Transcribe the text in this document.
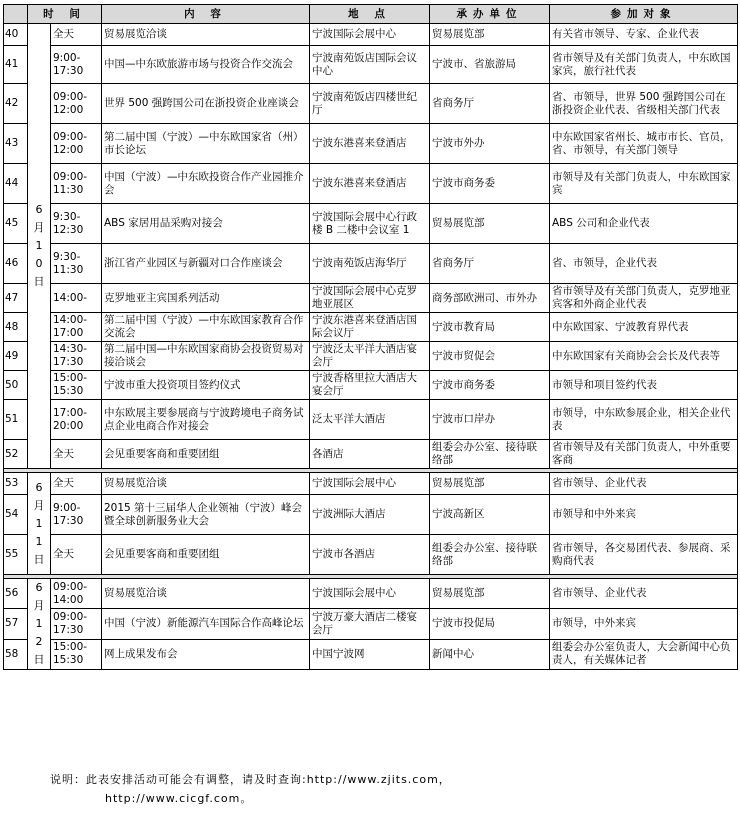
	时 间		内 容	地 点	承办单位	参加对象
40	6月10日	全天	贸易展览洽谈	宁波国际会展中心	贸易展览部	有关省市领导、专家、企业代表
41		9:00-17:30	中国—中东欧旅游市场与投资合作交流会	宁波南苑饭店国际会议中心	宁波市、省旅游局	省市领导及有关部门负责人，中东欧国家宾，旅行社代表
42		09:00-12:00	世界 500 强跨国公司在浙投资企业座谈会	宁波南苑饭店四楼世纪厅	省商务厅	省、市领导，世界 500 强跨国公司在浙投资企业代表、省级相关部门代表
43		09:00-12:00	第二届中国（宁波）—中东欧国家省（州）市长论坛	宁波东港喜来登酒店	宁波市外办	中东欧国家省州长、城市市长、官员，省、市领导，有关部门领导
44		09:00-11:30	中国（宁波）—中东欧投资合作产业园推介会	宁波东港喜来登酒店	宁波市商务委	市领导及有关部门负责人，中东欧国家宾
45		9:30-12:30	ABS 家居用品采购对接会	宁波国际会展中心行政楼 B 二楼中会议室 1	贸易展览部	ABS 公司和企业代表
46		9:30-11:30	浙江省产业园区与新疆对口合作座谈会	宁波南苑饭店海华厅	省商务厅	省、市领导，企业代表
47		14:00-	克罗地亚主宾国系列活动	宁波国际会展中心克罗地亚展区	商务部欧洲司、市外办	省市领导及有关部门负责人，克罗地亚宾客和外商企业代表
48		14:00-17:00	第二届中国（宁波）—中东欧国家教育合作交流会	宁波东港喜来登酒店国际会议厅	宁波市教育局	中东欧国家、宁波教育界代表
49		14:30-17:30	第二届中国—中东欧国家商协会投资贸易对接洽谈会	宁波泛太平洋大酒店宴会厅	宁波市贸促会	中东欧国家有关商协会会长及代表等
50		15:00-15:30	宁波市重大投资项目签约仪式	宁波香格里拉大酒店大宴会厅	宁波市商务委	市领导和项目签约代表
51		17:00-20:00	中东欧展主要参展商与宁波跨境电子商务试点企业电商合作对接会	泛太平洋大酒店	宁波市口岸办	市领导，中东欧参展企业，相关企业代表
52		全天	会见重要客商和重要团组	各酒店	组委会办公室、接待联络部	省市领导及有关部门负责人，中外重要客商

53	6月11日	全天	贸易展览洽谈	宁波国际会展中心	贸易展览部	省市领导、企业代表
54		9:00-17:30	2015 第十三届华人企业领袖（宁波）峰会暨全球创新服务业大会	宁波洲际大酒店	宁波高新区	市领导和中外来宾
55		全天	会见重要客商和重要团组	宁波市各酒店	组委会办公室、接待联络部	省市领导，各交易团代表、参展商、采购商代表

56	6月12日	09:00-14:00	贸易展览洽谈	宁波国际会展中心	贸易展览部	省市领导、企业代表
57		09:00-17:30	中国（宁波）新能源汽车国际合作高峰论坛	宁波万豪大酒店二楼宴会厅	宁波市投促局	市领导，中外来宾
58		15:00-15:30	网上成果发布会	中国宁波网	新闻中心	组委会办公室负责人，大会新闻中心负责人，有关媒体记者
说明：此表安排活动可能会有调整，请及时查询:http://www.zjits.com，
http://www.cicgf.com。
